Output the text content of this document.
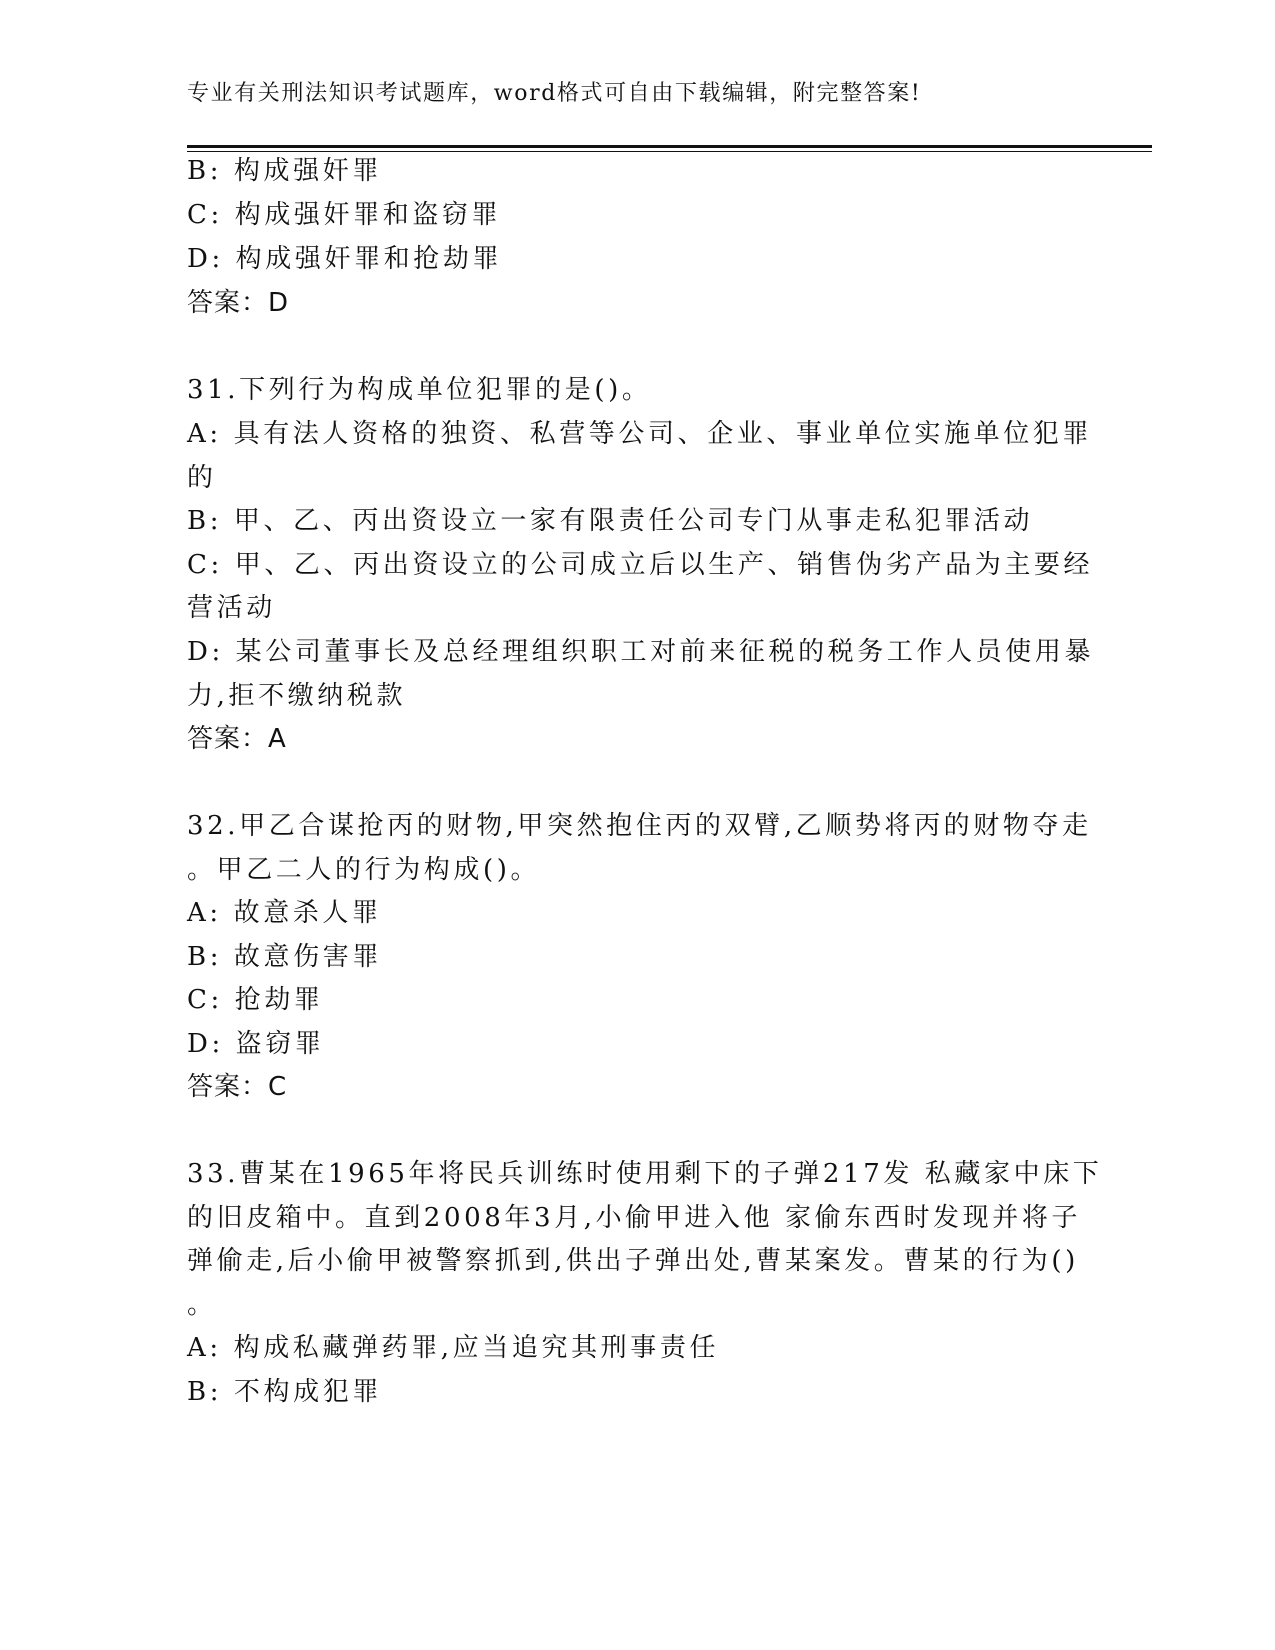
专业有关刑法知识考试题库，word格式可自由下载编辑，附完整答案!
B: 构成强奸罪
C: 构成强奸罪和盗窃罪
D: 构成强奸罪和抢劫罪
答案：D
31.下列行为构成单位犯罪的是()。
A: 具有法人资格的独资、私营等公司、企业、事业单位实施单位犯罪
的
B: 甲、乙、丙出资设立一家有限责任公司专门从事走私犯罪活动
C: 甲、乙、丙出资设立的公司成立后以生产、销售伪劣产品为主要经
营活动
D: 某公司董事长及总经理组织职工对前来征税的税务工作人员使用暴
力,拒不缴纳税款
答案：A
32.甲乙合谋抢丙的财物,甲突然抱住丙的双臂,乙顺势将丙的财物夺走
。甲乙二人的行为构成()。
A: 故意杀人罪
B: 故意伤害罪
C: 抢劫罪
D: 盗窃罪
答案：C
33.曹某在1965年将民兵训练时使用剩下的子弹217发 私藏家中床下
的旧皮箱中。直到2008年3月,小偷甲进入他 家偷东西时发现并将子
弹偷走,后小偷甲被警察抓到,供出子弹出处,曹某案发。曹某的行为()
。
A: 构成私藏弹药罪,应当追究其刑事责任
B: 不构成犯罪
